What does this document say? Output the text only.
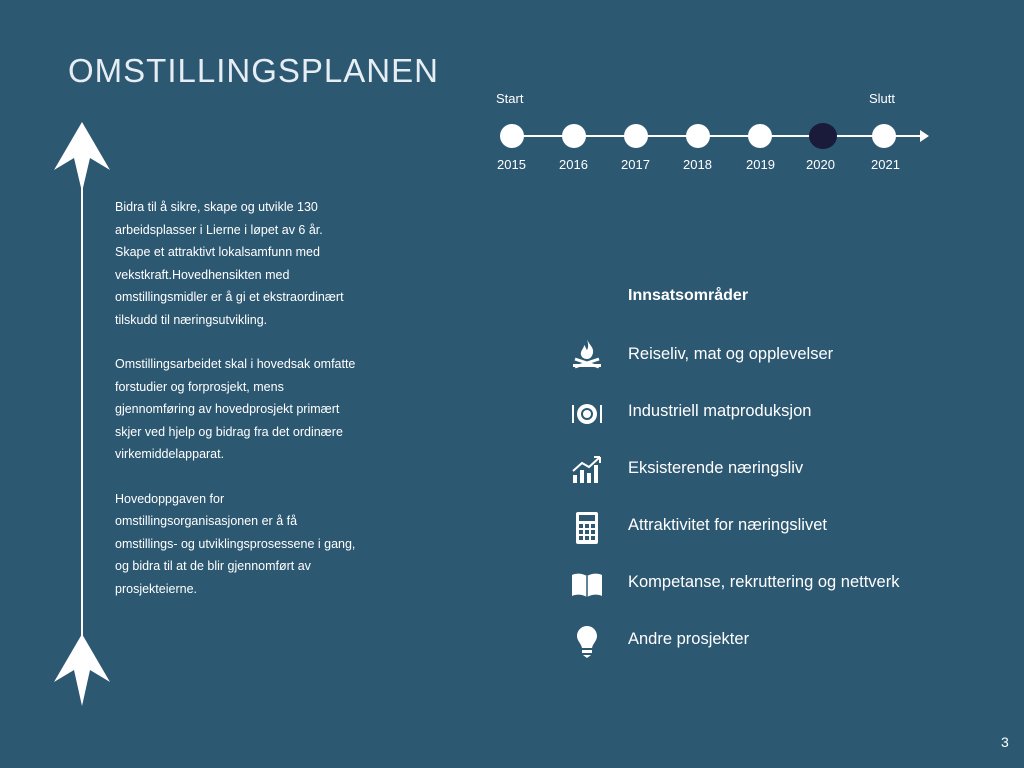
OMSTILLINGSPLANEN
Start	Slutt
2015	2016	2017	2018	2019 2020	2021
Bidra til å sikre, skape og utvikle 130
arbeidsplasser i Lierne i løpet av 6 år.
Skape et attraktivt lokalsamfunn med
vekstkraft.Hovedhensikten med
omstillingsmidler er å gi et ekstraordinært
tilskudd til næringsutvikling.
Omstillingsarbeidet skal i hovedsak omfatte
forstudier og forprosjekt, mens
gjennomføring av hovedprosjekt primært
skjer ved hjelp og bidrag fra det ordinære
virkemiddelapparat.
Hovedoppgaven for
omstillingsorganisasjonen er å få
omstillings- og utviklingsprosessene i gang,
og bidra til at de blir gjennomført av
prosjekteierne.
Innsatsområder
Reiseliv, mat og opplevelser
Industriell matproduksjon
Eksisterende næringsliv
Attraktivitet for næringslivet
Kompetanse, rekruttering og nettverk
Andre prosjekter
3
